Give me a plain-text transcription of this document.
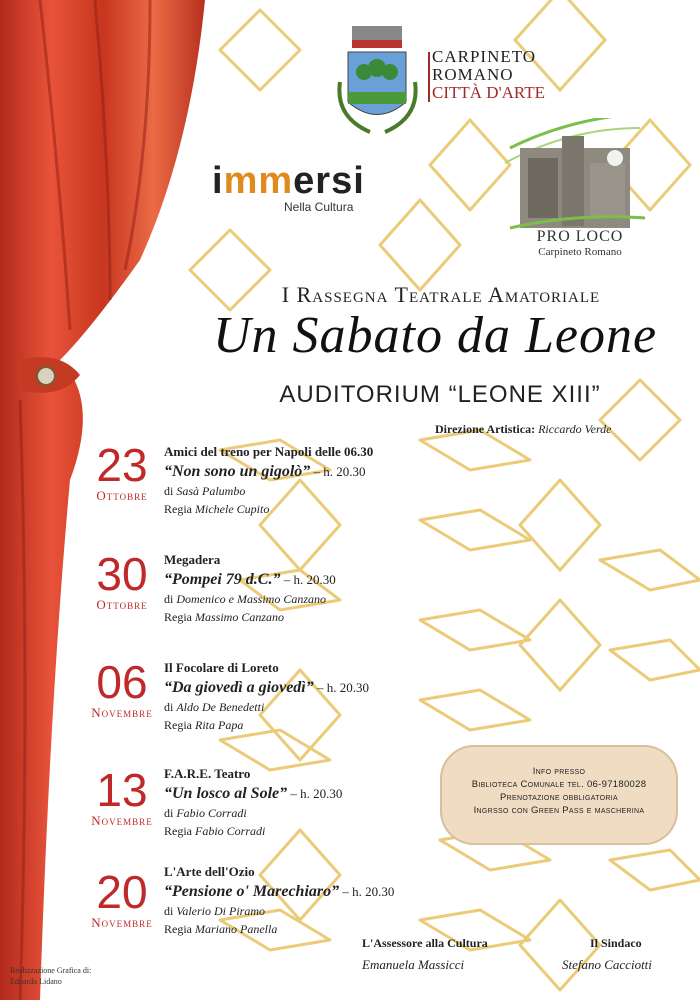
CARPINETO
ROMANO
CITTÀ D'ARTE
immersi
Nella Cultura
PRO LOCO
Carpineto Romano
I Rassegna Teatrale Amatoriale
Un Sabato da Leone
AUDITORIUM “LEONE XIII”
Direzione Artistica: Riccardo Verde
23
Ottobre
Amici del treno per Napoli delle 06.30
“Non sono un gigolò” – h. 20.30
di Sasà Palumbo
Regia Michele Cupito
30
Ottobre
Megadera
“Pompei 79 d.C.” – h. 20.30
di Domenico e Massimo Canzano
Regia Massimo Canzano
06
Novembre
Il Focolare di Loreto
“Da giovedì a giovedì” – h. 20.30
di Aldo De Benedetti
Regia Rita Papa
13
Novembre
F.A.R.E. Teatro
“Un losco al Sole” – h. 20.30
di Fabio Corradi
Regia Fabio Corradi
20
Novembre
L'Arte dell'Ozio
“Pensione o' Marechiaro” – h. 20.30
di Valerio Di Piramo
Regia Mariano Panella
Info presso
Biblioteca Comunale tel. 06-97180028
Prenotazione obbligatoria
Ingrsso con Green Pass e mascherina
L'Assessore alla Cultura
Emanuela Massicci
Il Sindaco
Stefano Cacciotti
Realizzazione Grafica di:
Edoardo Lidano
